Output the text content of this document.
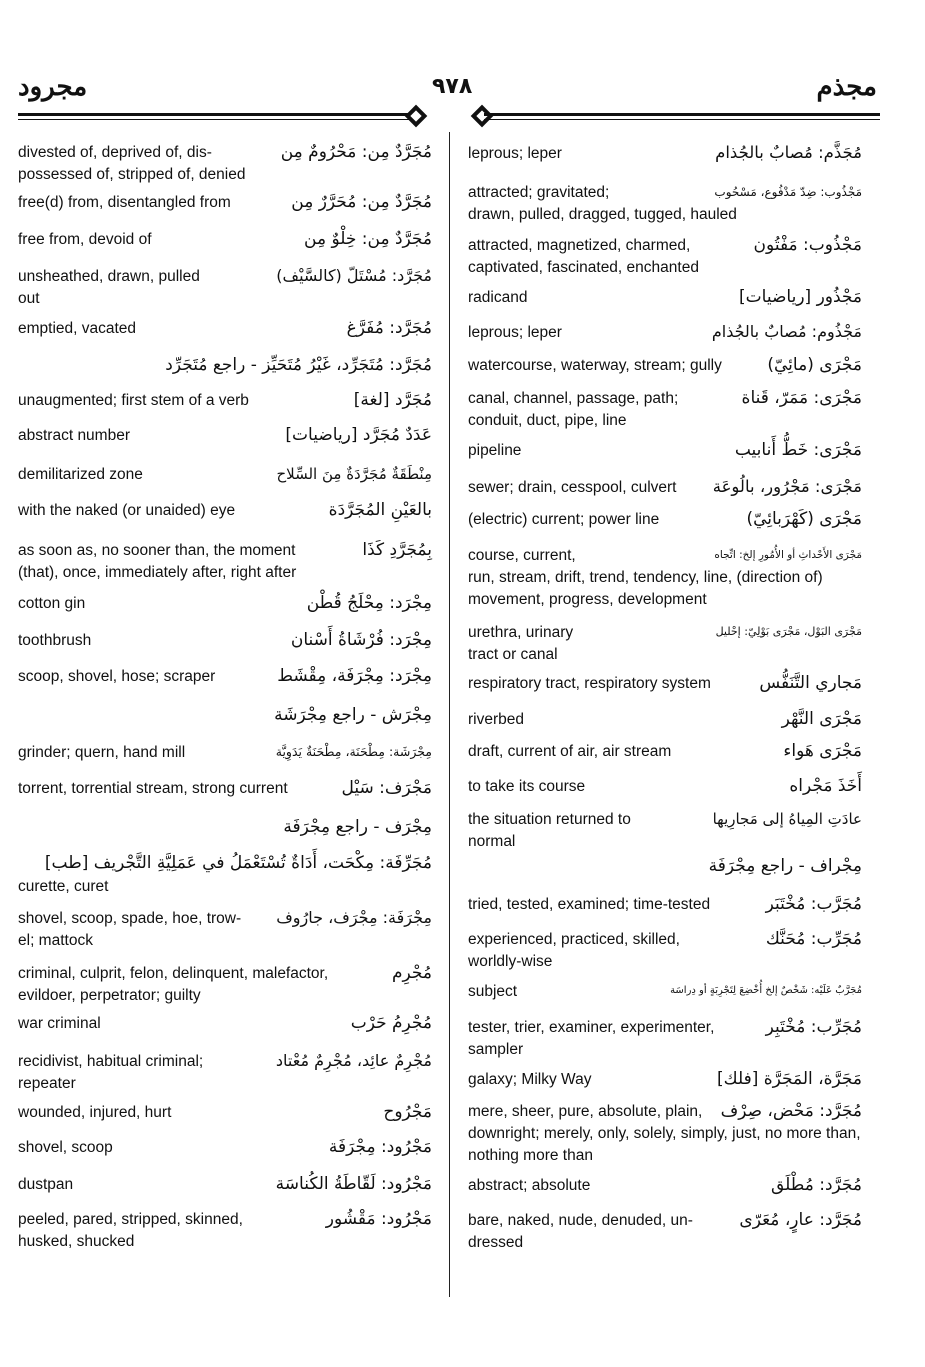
مجرود	٩٧٨	مجذم
مُجَرَّدٌ مِن: مَحْرُومٌ مِن
divested of, deprived of, dis-
possessed of, stripped of, denied
مُجَرَّدٌ مِن: مُحَرَّرٌ مِن
free(d) from, disentangled from
مُجَرَّدٌ مِن: خِلْوٌ مِن
free from, devoid of
مُجَرَّد: مُسْتَلّ (كالسَّيْف)
unsheathed, drawn, pulled
out
مُجَرَّد: مُفَرَّغ
emptied, vacated
مُجَرَّد: مُتَجَرِّد، غَيْرُ مُتَحَيِّز - راجع مُتَجَرِّد
مُجَرَّد [لغة]
unaugmented; first stem of a verb
عَدَدٌ مُجَرَّد [رياضيات]
abstract number
مِنْطَقَةٌ مُجَرَّدَةٌ مِنَ السِّلاح
demilitarized zone
بالعَيْنِ المُجَرَّدَة
with the naked (or unaided) eye
بِمُجَرَّدِ كَذَا
as soon as, no sooner than, the moment
(that), once, immediately after, right after
مِجْرَد: مِحْلَجُ قُطْن
cotton gin
مِجْرَد: فُرْشَاةُ أَسْنان
toothbrush
مِجْرَد: مِجْرَفَة، مِقْشَط
scoop, shovel, hose; scraper
مِجْرَش - راجع مِجْرَشَة
مِجْرَشَة: مِطْحَنَة، مِطْحَنَةٌ يَدَوِيَّة
grinder; quern, hand mill
مَجْرَف: سَيْل
torrent, torrential stream, strong current
مِجْرَف - راجع مِجْرَفَة
مُجَرِّفَة: مِكْحَت، أَدَاةٌ تُسْتَعْمَلُ في عَمَلِيَّةِ التَّجْريف [طب]
curette, curet
مِجْرَفَة: مِجْرَف، جارُوف
shovel, scoop, spade, hoe, trow-
el; mattock
مُجْرِم
criminal, culprit, felon, delinquent, malefactor,
evildoer, perpetrator; guilty
مُجْرِمُ حَرْب
war criminal
مُجْرِمٌ عائِد، مُجْرِمٌ مُعْتاد
recidivist, habitual criminal;
repeater
مَجْرُوح
wounded, injured, hurt
مَجْرُود: مِجْرَفَة
shovel, scoop
مَجْرُود: لَقّاطَةُ الكُناسَة
dustpan
مَجْرُود: مَقْشُور
peeled, pared, stripped, skinned,
husked, shucked
مُجَذَّم: مُصابٌ بالجُذام
leprous; leper
مَجْذُوب: ضِدّ مَدْفُوع، مَسْحُوب
attracted; gravitated;
drawn, pulled, dragged, tugged, hauled
مَجْذُوب: مَفْتُون
attracted, magnetized, charmed,
captivated, fascinated, enchanted
مَجْذُور [رياضيات]
radicand
مَجْذُوم: مُصابٌ بالجُذام
leprous; leper
مَجْرَى (مائِيّ)
watercourse, waterway, stream; gully
مَجْرَى: مَمَرّ، قَناة
canal, channel, passage, path;
conduit, duct, pipe, line
مَجْرَى: خَطُّ أَنابيب
pipeline
مَجْرَى: مَجْرُور، بالُوعَة
sewer; drain, cesspool, culvert
مَجْرَى (كَهْرَبائِيّ)
(electric) current; power line
مَجْرَى الأَحْداثِ أو الأُمُورِ إلخ: اتِّجاه
course, current,
run, stream, drift, trend, tendency, line, (direction of) movement, progress, development
مَجْرَى البَوْل، مَجْرَى بَوْلِيّ: إحْليل
urethra, urinary
tract or canal
مَجاري التَّنَفُّس
respiratory tract, respiratory system
مَجْرَى النَّهْر
riverbed
مَجْرَى هَواء
draft, current of air, air stream
أَخَذَ مَجْراه
to take its course
عادَتِ المِياهُ إلى مَجارِيها
the situation returned to
normal
مِجْراف - راجع مِجْرَفَة
مُجَرَّب: مُخْتَبَر
tried, tested, examined; time-tested
مُجَرِّب: مُحَنَّك
experienced, practiced, skilled,
worldly-wise
مُجَرَّبٌ عَلَيْه: شَخْصٌ إلخ أُخْضِعَ لِتَجْرِبَةٍ أو دِراسَة
subject
مُجَرِّب: مُخْتَبِر
tester, trier, examiner, experimenter,
sampler
مَجَرَّة، المَجَرَّة [فلك]
galaxy; Milky Way
مُجَرَّد: مَحْض، صِرْف
mere, sheer, pure, absolute, plain,
downright; merely, only, solely, simply, just, no more than, nothing more than
مُجَرَّد: مُطْلَق
abstract; absolute
مُجَرَّد: عارٍ، مُعَرّى
bare, naked, nude, denuded, un-
dressed
